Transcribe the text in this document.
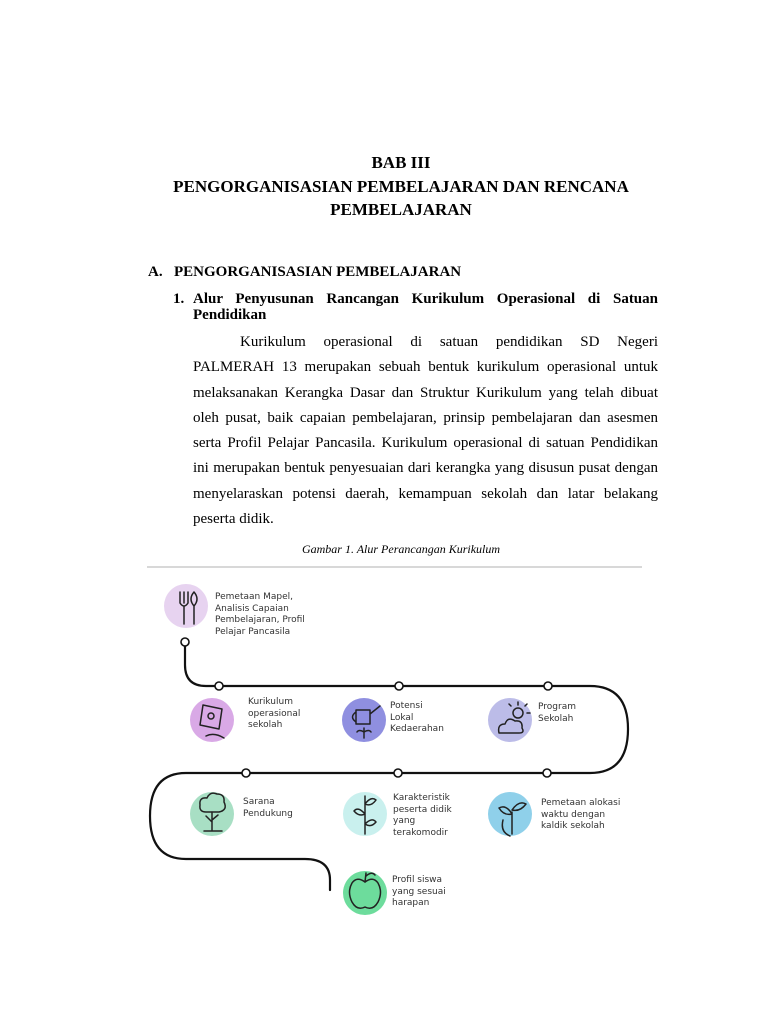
BAB III
PENGORGANISASIAN PEMBELAJARAN DAN RENCANA
PEMBELAJARAN
A. PENGORGANISASIAN PEMBELAJARAN
1. Alur Penyusunan Rancangan Kurikulum Operasional di Satuan Pendidikan

Kurikulum operasional di satuan pendidikan SD Negeri PALMERAH 13 merupakan sebuah bentuk kurikulum operasional untuk melaksanakan Kerangka Dasar dan Struktur Kurikulum yang telah dibuat oleh pusat, baik capaian pembelajaran, prinsip pembelajaran dan asesmen serta Profil Pelajar Pancasila. Kurikulum operasional di satuan Pendidikan ini merupakan bentuk penyesuaian dari kerangka yang disusun pusat dengan menyelaraskan potensi daerah, kemampuan sekolah dan latar belakang peserta didik.

Gambar 1. Alur Perancangan Kurikulum
Pemetaan Mapel,
Analisis Capaian
Pembelajaran, Profil
Pelajar Pancasila
Kurikulum
operasional
sekolah
Potensi
Lokal
Kedaerahan
Program
Sekolah
Sarana
Pendukung
Karakteristik
peserta didik
yang
terakomodir
Pemetaan alokasi
waktu dengan
kaldik sekolah
Profil siswa
yang sesuai
harapan
